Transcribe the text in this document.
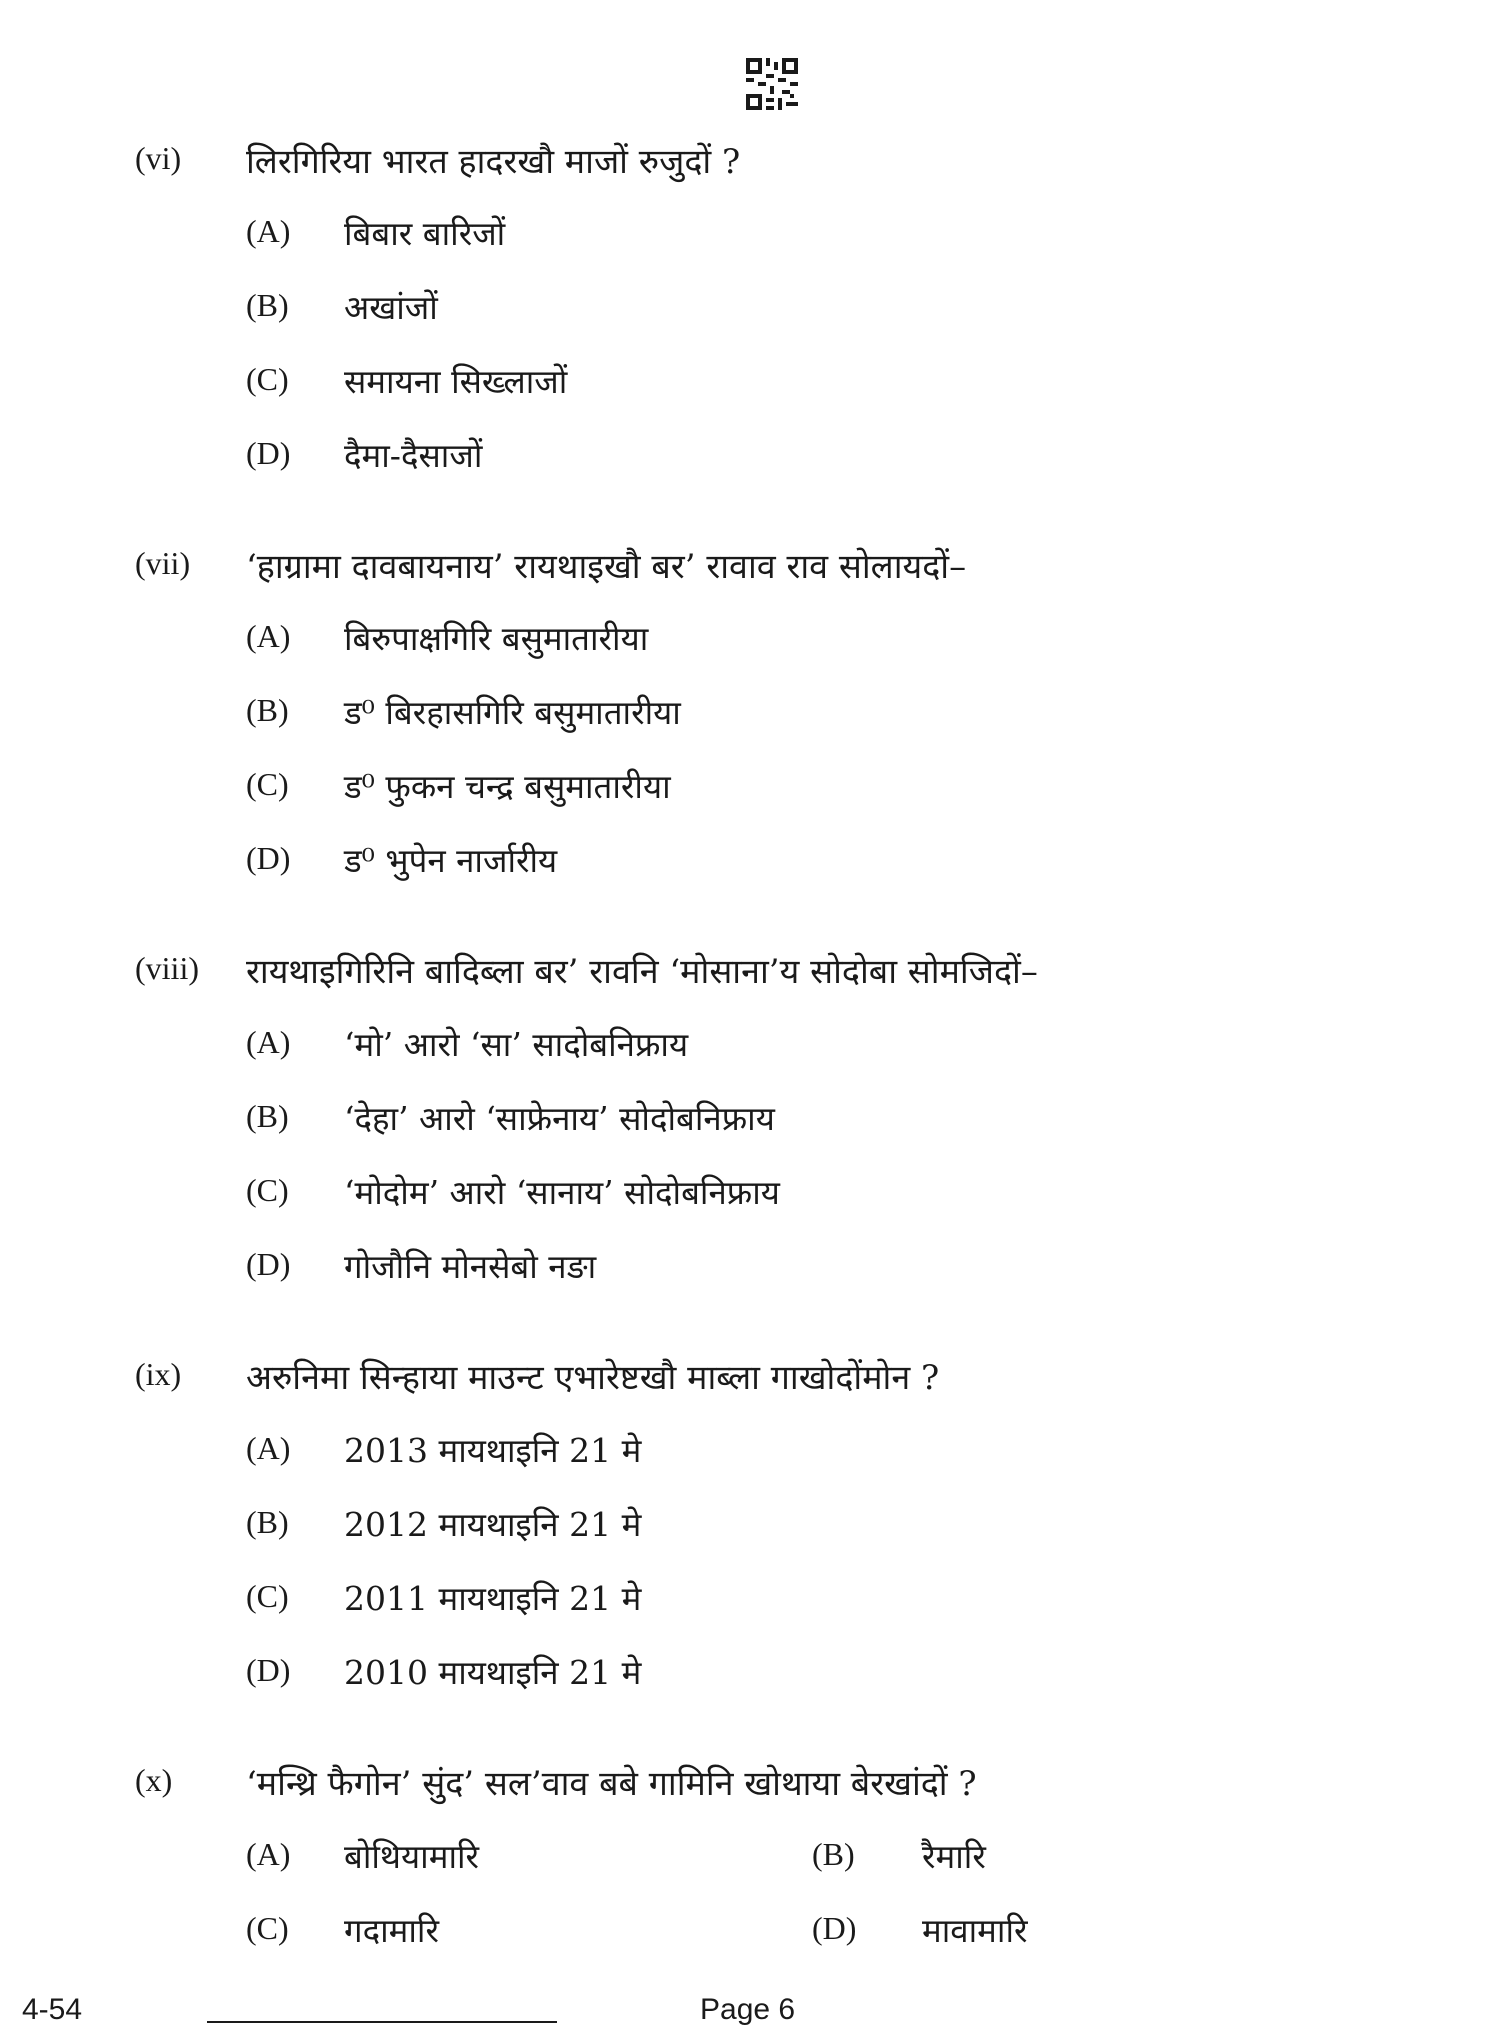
(vi) लिरगिरिया भारत हादरखौ माजों रुजुदों ?
(A) बिबार बारिजों
(B) अखांजों
(C) समायना सिख्लाजों
(D) दैमा-दैसाजों
(vii) ‘हाग्रामा दावबायनाय’ रायथाइखौ बर’ रावाव राव सोलायदों–
(A) बिरुपाक्षगिरि बसुमातारीया
(B) ड⁰ बिरहासगिरि बसुमातारीया
(C) ड⁰ फुकन चन्द्र बसुमातारीया
(D) ड⁰ भुपेन नार्जारीय
(viii) रायथाइगिरिनि बादिब्ला बर’ रावनि ‘मोसाना’य सोदोबा सोमजिदों–
(A) ‘मो’ आरो ‘सा’ सादोबनिफ्राय
(B) ‘देहा’ आरो ‘साफ्रेनाय’ सोदोबनिफ्राय
(C) ‘मोदोम’ आरो ‘सानाय’ सोदोबनिफ्राय
(D) गोजौनि मोनसेबो नङा
(ix) अरुनिमा सिन्हाया माउन्ट एभारेष्टखौ माब्ला गाखोदोंमोन ?
(A) 2013 मायथाइनि 21 मे
(B) 2012 मायथाइनि 21 मे
(C) 2011 मायथाइनि 21 मे
(D) 2010 मायथाइनि 21 मे
(x) ‘मन्थ्रि फैगोन’ सुंद’ सल’वाव बबे गामिनि खोथाया बेरखांदों ?
(A) बोथियामारि	(B) रैमारि
(C) गदामारि	(D) मावामारि
4-54	Page 6
